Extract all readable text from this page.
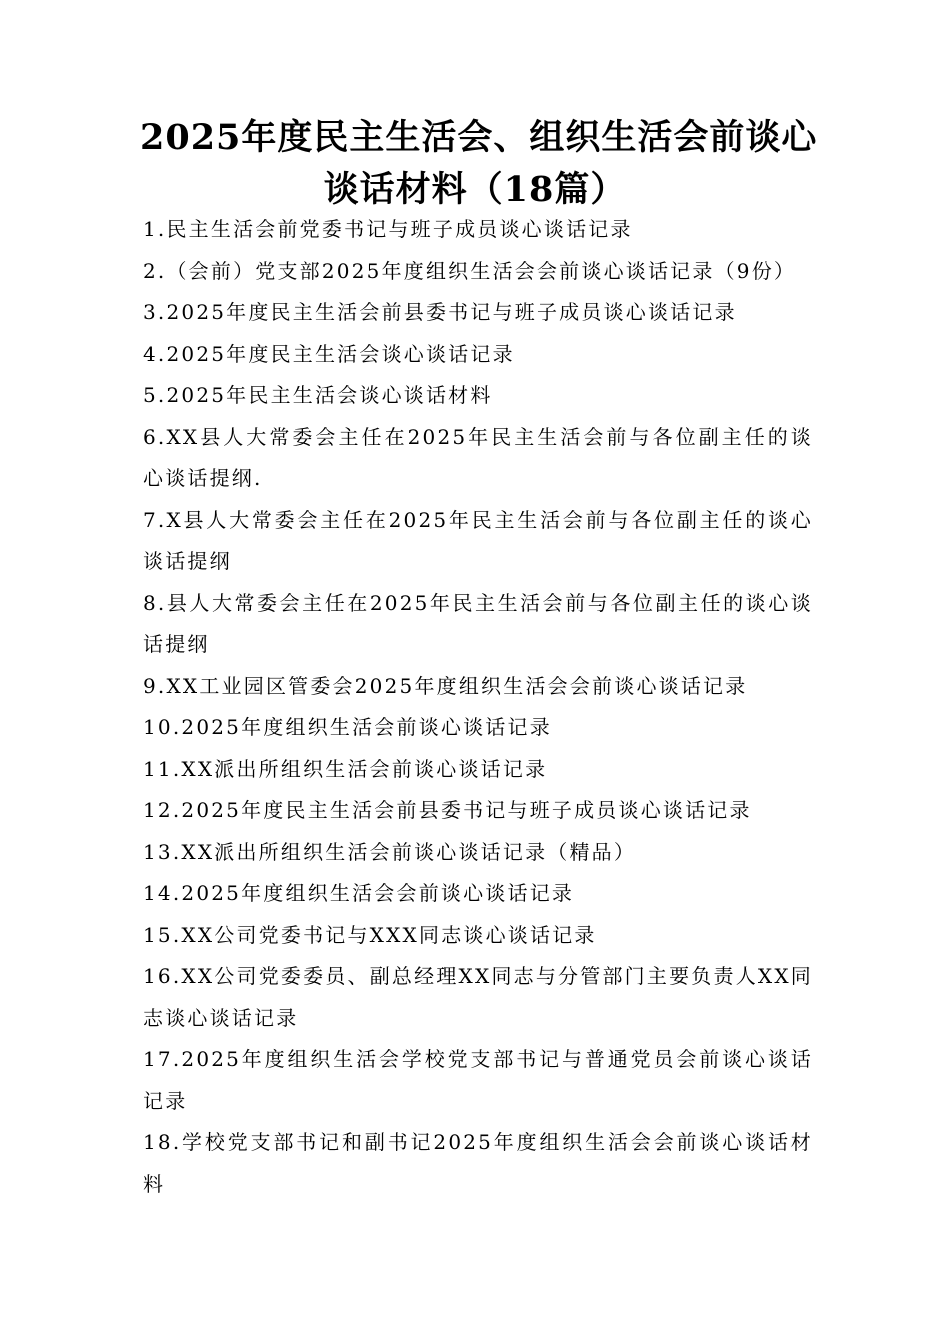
2025年度民主生活会、组织生活会前谈心
谈话材料（18篇）
1.民主生活会前党委书记与班子成员谈心谈话记录
2.（会前）党支部2025年度组织生活会会前谈心谈话记录（9份）
3.2025年度民主生活会前县委书记与班子成员谈心谈话记录
4.2025年度民主生活会谈心谈话记录
5.2025年民主生活会谈心谈话材料
6.XX县人大常委会主任在2025年民主生活会前与各位副主任的谈心谈话提纲.
7.X县人大常委会主任在2025年民主生活会前与各位副主任的谈心谈话提纲
8.县人大常委会主任在2025年民主生活会前与各位副主任的谈心谈话提纲
9.XX工业园区管委会2025年度组织生活会会前谈心谈话记录
10.2025年度组织生活会前谈心谈话记录
11.XX派出所组织生活会前谈心谈话记录
12.2025年度民主生活会前县委书记与班子成员谈心谈话记录
13.XX派出所组织生活会前谈心谈话记录（精品）
14.2025年度组织生活会会前谈心谈话记录
15.XX公司党委书记与XXX同志谈心谈话记录
16.XX公司党委委员、副总经理XX同志与分管部门主要负责人XX同志谈心谈话记录
17.2025年度组织生活会学校党支部书记与普通党员会前谈心谈话记录
18.学校党支部书记和副书记2025年度组织生活会会前谈心谈话材料
